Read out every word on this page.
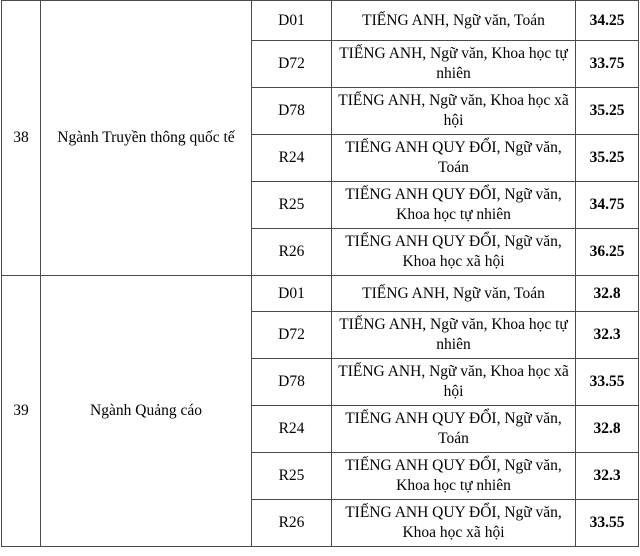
38	Ngành Truyền thông quốc tế	D01	TIẾNG ANH, Ngữ văn, Toán	34.25
		D72	TIẾNG ANH, Ngữ văn, Khoa học tự nhiên	33.75
		D78	TIẾNG ANH, Ngữ văn, Khoa học xã hội	35.25
		R24	TIẾNG ANH QUY ĐỔI, Ngữ văn, Toán	35.25
		R25	TIẾNG ANH QUY ĐỔI, Ngữ văn, Khoa học tự nhiên	34.75
		R26	TIẾNG ANH QUY ĐỔI, Ngữ văn, Khoa học xã hội	36.25
39	Ngành Quảng cáo	D01	TIẾNG ANH, Ngữ văn, Toán	32.8
		D72	TIẾNG ANH, Ngữ văn, Khoa học tự nhiên	32.3
		D78	TIẾNG ANH, Ngữ văn, Khoa học xã hội	33.55
		R24	TIẾNG ANH QUY ĐỔI, Ngữ văn, Toán	32.8
		R25	TIẾNG ANH QUY ĐỔI, Ngữ văn, Khoa học tự nhiên	32.3
		R26	TIẾNG ANH QUY ĐỔI, Ngữ văn, Khoa học xã hội	33.55
